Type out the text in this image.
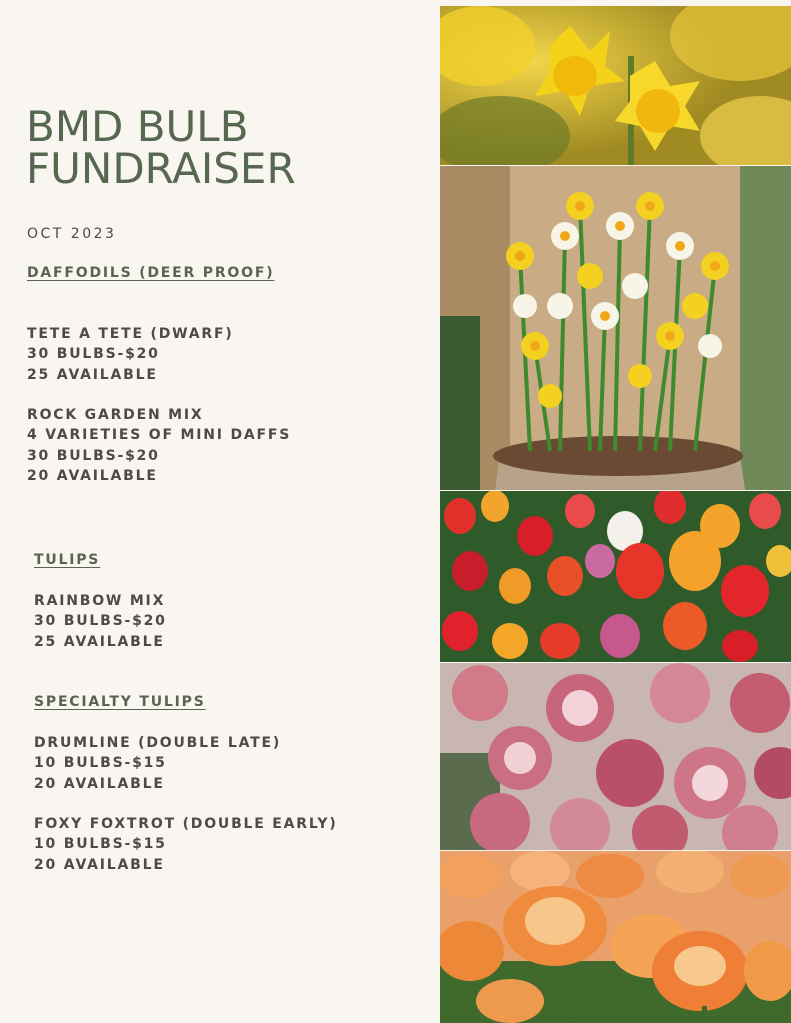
BMD BULB
FUNDRAISER
OCT 2023
DAFFODILS (DEER PROOF)
TETE A TETE (DWARF)
30 BULBS-$20
25 AVAILABLE
ROCK GARDEN MIX
4 VARIETIES OF MINI DAFFS
30 BULBS-$20
20 AVAILABLE
TULIPS
RAINBOW MIX
30 BULBS-$20
25 AVAILABLE
SPECIALTY TULIPS
DRUMLINE (DOUBLE LATE)
10 BULBS-$15
20 AVAILABLE
FOXY FOXTROT (DOUBLE EARLY)
10 BULBS-$15
20 AVAILABLE
